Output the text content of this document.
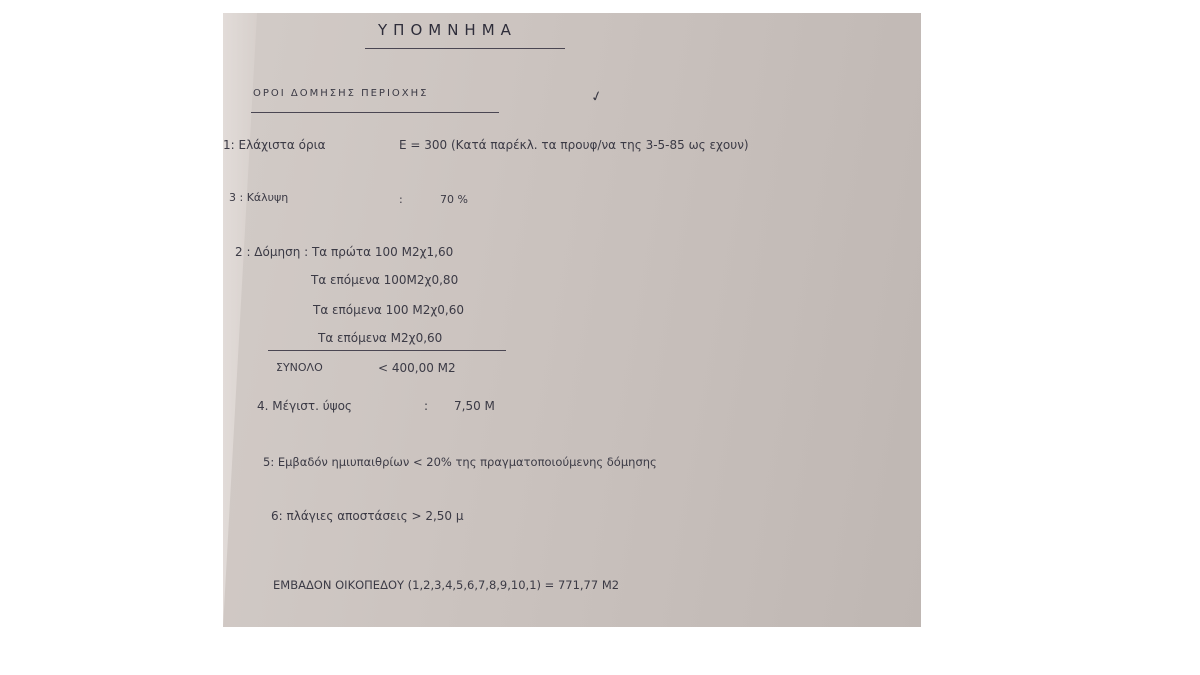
ΥΠΟΜΝΗΜΑ
ΟΡΟΙ ΔΟΜΗΣΗΣ ΠΕΡΙΟΧΗΣ	✓
1: Ελάχιστα όρια	E = 300 (Κατά παρέκλ. τα προυφ/να της 3-5-85 ως εχουν)
3 : Κάλυψη	:	70 %
2 : Δόμηση : Τα πρώτα 100 Μ2χ1,60
Τα επόμενα 100Μ2χ0,80
Τα επόμενα 100 Μ2χ0,60
Τα επόμενα Μ2χ0,60
ΣΥΝΟΛΟ	< 400,00 Μ2
4. Μέγιστ. ύψος	: 7,50 Μ
5: Εμβαδόν ημιυπαιθρίων < 20% της πραγματοποιούμενης δόμησης
6: πλάγιες αποστάσεις > 2,50 μ
ΕΜΒΑΔΟΝ ΟΙΚΟΠΕΔΟΥ (1,2,3,4,5,6,7,8,9,10,1) = 771,77 Μ2
